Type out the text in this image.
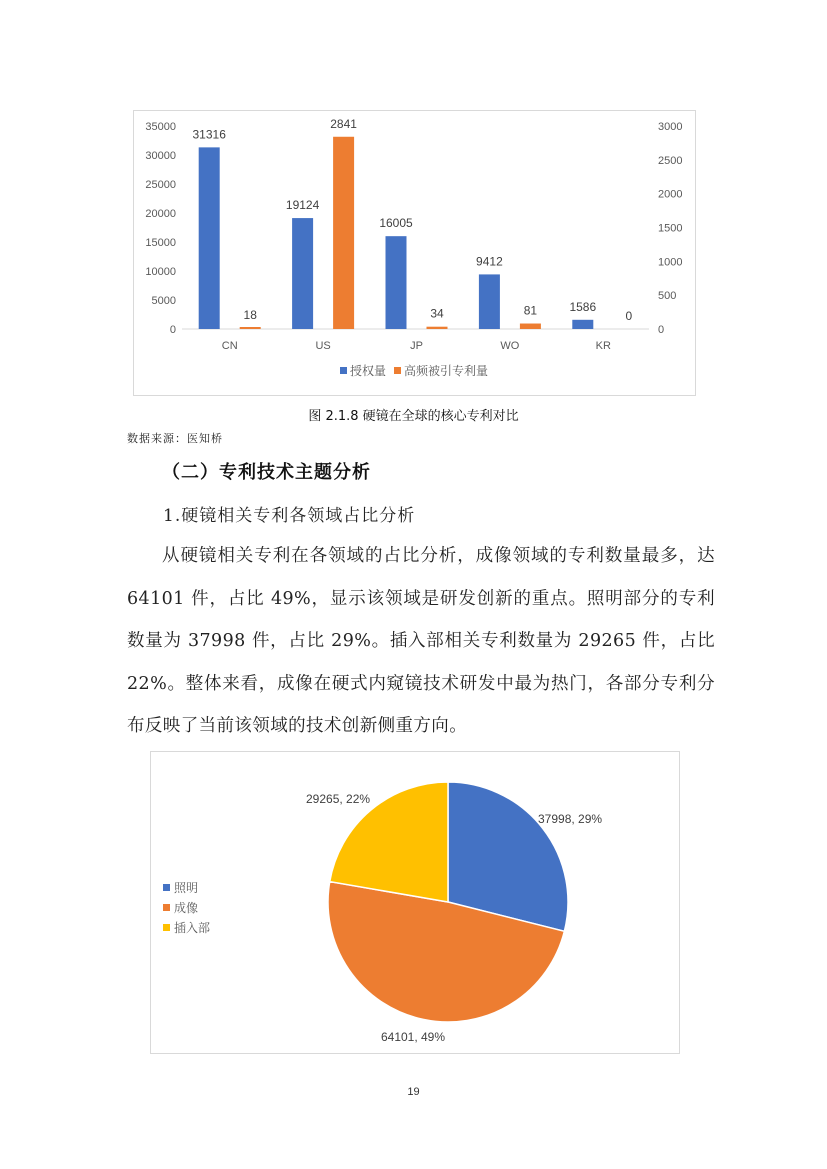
0
5000
10000
15000
20000
25000
30000
35000
0
500
1000
1500
2000
2500
3000
CN
31316
18
US
19124
2841
JP
16005
34
WO
9412
81
KR
1586
0
授权量 高频被引专利量
图 2.1.8 硬镜在全球的核心专利对比
数据来源：医知桥
（二）专利技术主题分析
1.硬镜相关专利各领域占比分析
从硬镜相关专利在各领域的占比分析，成像领域的专利数量最多，达 64101 件，占比 49%，显示该领域是研发创新的重点。照明部分的专利数量为 37998 件，占比 29%。插入部相关专利数量为 29265 件，占比 22%。整体来看，成像在硬式内窥镜技术研发中最为热门，各部分专利分布反映了当前该领域的技术创新侧重方向。
37998, 29%
64101, 49%
29265, 22%
照明
成像
插入部
19
